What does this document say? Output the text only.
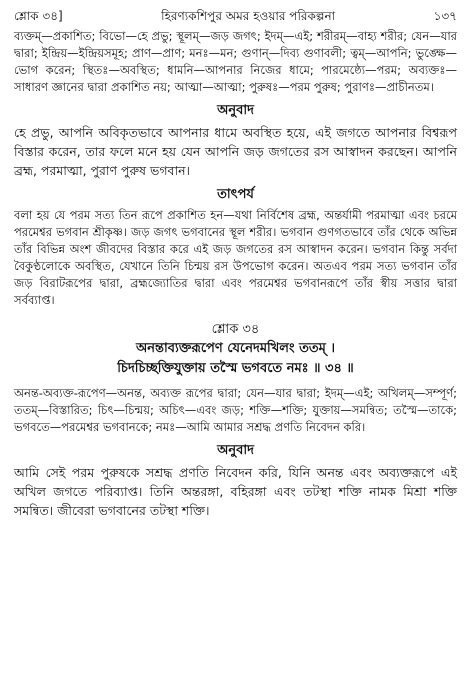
শ্লোক ৩৪]	হিরণ্যকশিপুর অমর হওয়ার পরিকল্পনা	১৩৭

ব্যক্তম্—প্রকাশিত; বিভো—হে প্রভু; স্থূলম্—জড় জগৎ; ইদম্—এই; শরীরম্—বাহ্য শরীর; যেন—যার দ্বারা; ইন্দ্রিয়—ইন্দ্রিয়সমূহ; প্রাণ—প্রাণ; মনঃ—মন; গুণান্—দিব্য গুণাবলী; ত্বম্—আপনি; ভুঙ্ক্ষে—ভোগ করেন; স্থিতঃ—অবস্থিত; ধামনি—আপনার নিজের ধামে; পারমেষ্ঠ্যে—পরম; অব্যক্তঃ—সাধারণ জ্ঞানের দ্বারা প্রকাশিত নয়; আত্মা—আত্মা; পুরুষঃ—পরম পুরুষ; পুরাণঃ—প্রাচীনতম।

অনুবাদ

হে প্রভু, আপনি অবিকৃতভাবে আপনার ধামে অবস্থিত হয়ে, এই জগতে আপনার বিশ্বরূপ বিস্তার করেন, তার ফলে মনে হয় যেন আপনি জড় জগতের রস আস্বাদন করছেন। আপনি ব্রহ্ম, পরমাত্মা, পুরাণ পুরুষ ভগবান।

তাৎপর্য

বলা হয় যে পরম সত্য তিন রূপে প্রকাশিত হন—যথা নির্বিশেষ ব্রহ্ম, অন্তর্যামী পরমাত্মা এবং চরমে পরমেশ্বর ভগবান শ্রীকৃষ্ণ। জড় জগৎ ভগবানের স্থূল শরীর। ভগবান গুণগতভাবে তাঁর থেকে অভিন্ন তাঁর বিভিন্ন অংশ জীবদের বিস্তার করে এই জড় জগতের রস আস্বাদন করেন। ভগবান কিন্তু সর্বদা বৈকুণ্ঠলোকে অবস্থিত, যেখানে তিনি চিন্ময় রস উপভোগ করেন। অতএব পরম সত্য ভগবান তাঁর জড় বিরাটরূপের দ্বারা, ব্রহ্মজ্যোতির দ্বারা এবং পরমেশ্বর ভগবানরূপে তাঁর স্বীয় সত্তার দ্বারা সর্বব্যাপ্ত।

শ্লোক ৩৪
অনন্তাব্যক্তরূপেণ যেনেদমখিলং ততম্ ।
চিদচিচ্ছক্তিযুক্তায় তস্মৈ ভগবতে নমঃ ॥ ৩৪ ॥

অনন্ত-অব্যক্ত-রূপেণ—অনন্ত, অব্যক্ত রূপের দ্বারা; যেন—যার দ্বারা; ইদম্—এই; অখিলম্—সম্পূর্ণ; ততম্—বিস্তারিত; চিৎ—চিন্ময়; অচিৎ—এবং জড়; শক্তি—শক্তি; যুক্তায়—সমন্বিত; তস্মৈ—তাকে; ভগবতে—পরমেশ্বর ভগবানকে; নমঃ—আমি আমার সশ্রদ্ধ প্রণতি নিবেদন করি।

অনুবাদ

আমি সেই পরম পুরুষকে সশ্রদ্ধ প্রণতি নিবেদন করি, যিনি অনন্ত এবং অব্যক্তরূপে এই অখিল জগতে পরিব্যাপ্ত। তিনি অন্তরঙ্গা, বহিরঙ্গা এবং তটস্থা শক্তি নামক মিশ্রা শক্তি সমন্বিত। জীবেরা ভগবানের তটস্থা শক্তি।
